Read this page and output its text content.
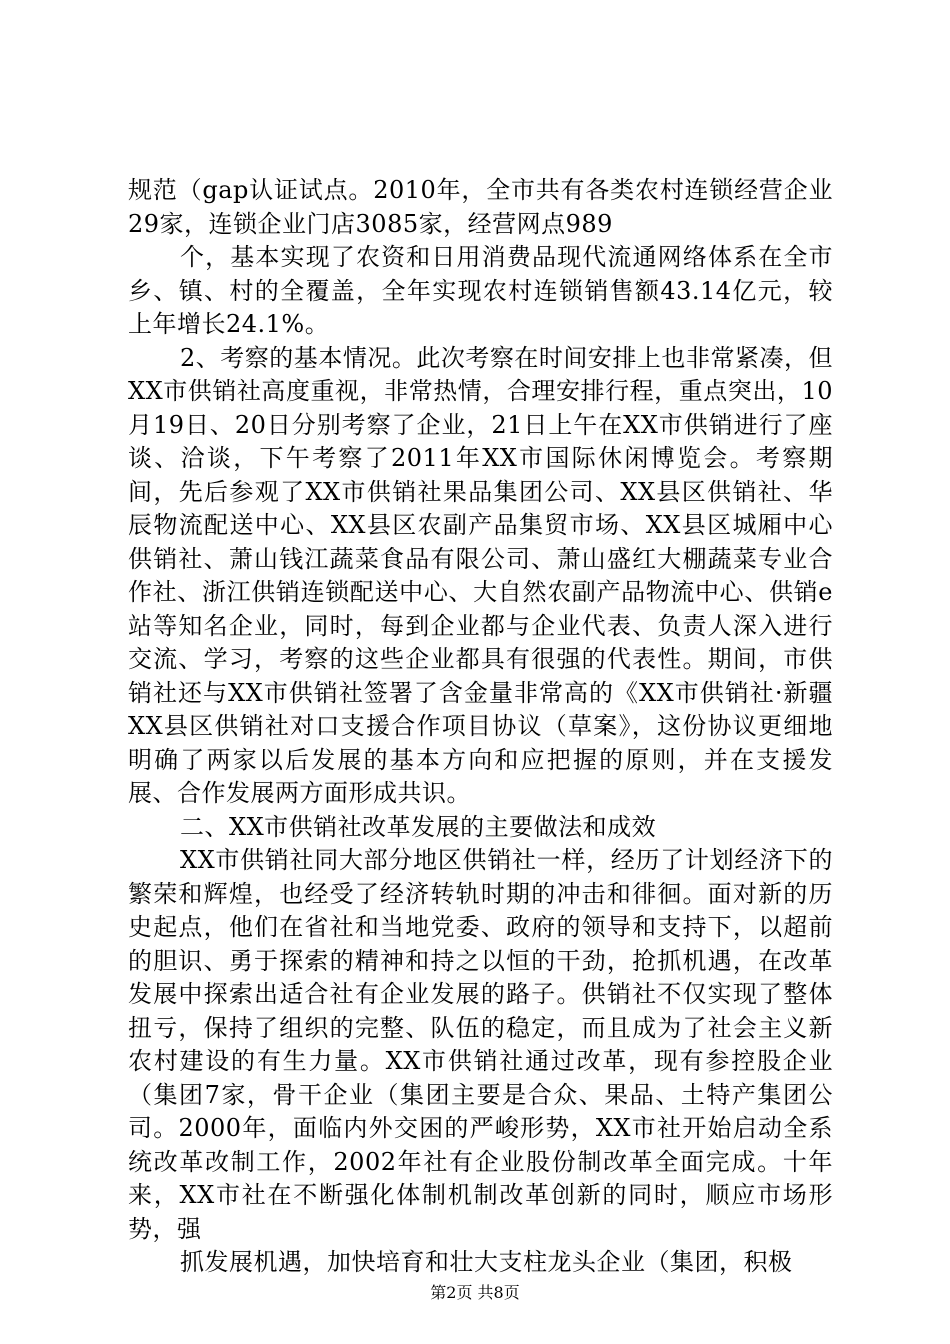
规范（gap认证试点。2010年，全市共有各类农村连锁经营企业29家，连锁企业门店3085家，经营网点989

个，基本实现了农资和日用消费品现代流通网络体系在全市乡、镇、村的全覆盖，全年实现农村连锁销售额43.14亿元，较上年增长24.1%。

2、考察的基本情况。此次考察在时间安排上也非常紧凑，但XX市供销社高度重视，非常热情，合理安排行程，重点突出，10月19日、20日分别考察了企业，21日上午在XX市供销进行了座谈、洽谈，下午考察了2011年XX市国际休闲博览会。考察期间，先后参观了XX市供销社果品集团公司、XX县区供销社、华辰物流配送中心、XX县区农副产品集贸市场、XX县区城厢中心供销社、萧山钱江蔬菜食品有限公司、萧山盛红大棚蔬菜专业合作社、浙江供销连锁配送中心、大自然农副产品物流中心、供销e站等知名企业，同时，每到企业都与企业代表、负责人深入进行交流、学习，考察的这些企业都具有很强的代表性。期间，市供销社还与XX市供销社签署了含金量非常高的《XX市供销社·新疆XX县区供销社对口支援合作项目协议（草案》，这份协议更细地明确了两家以后发展的基本方向和应把握的原则，并在支援发展、合作发展两方面形成共识。

二、XX市供销社改革发展的主要做法和成效

XX市供销社同大部分地区供销社一样，经历了计划经济下的繁荣和辉煌，也经受了经济转轨时期的冲击和徘徊。面对新的历史起点，他们在省社和当地党委、政府的领导和支持下，以超前的胆识、勇于探索的精神和持之以恒的干劲，抢抓机遇，在改革发展中探索出适合社有企业发展的路子。供销社不仅实现了整体扭亏，保持了组织的完整、队伍的稳定，而且成为了社会主义新农村建设的有生力量。XX市供销社通过改革，现有参控股企业（集团7家，骨干企业（集团主要是合众、果品、土特产集团公司。2000年，面临内外交困的严峻形势，XX市社开始启动全系统改革改制工作，2002年社有企业股份制改革全面完成。十年来，XX市社在不断强化体制机制改革创新的同时，顺应市场形势，强

抓发展机遇，加快培育和壮大支柱龙头企业（集团，积极

第2页 共8页
